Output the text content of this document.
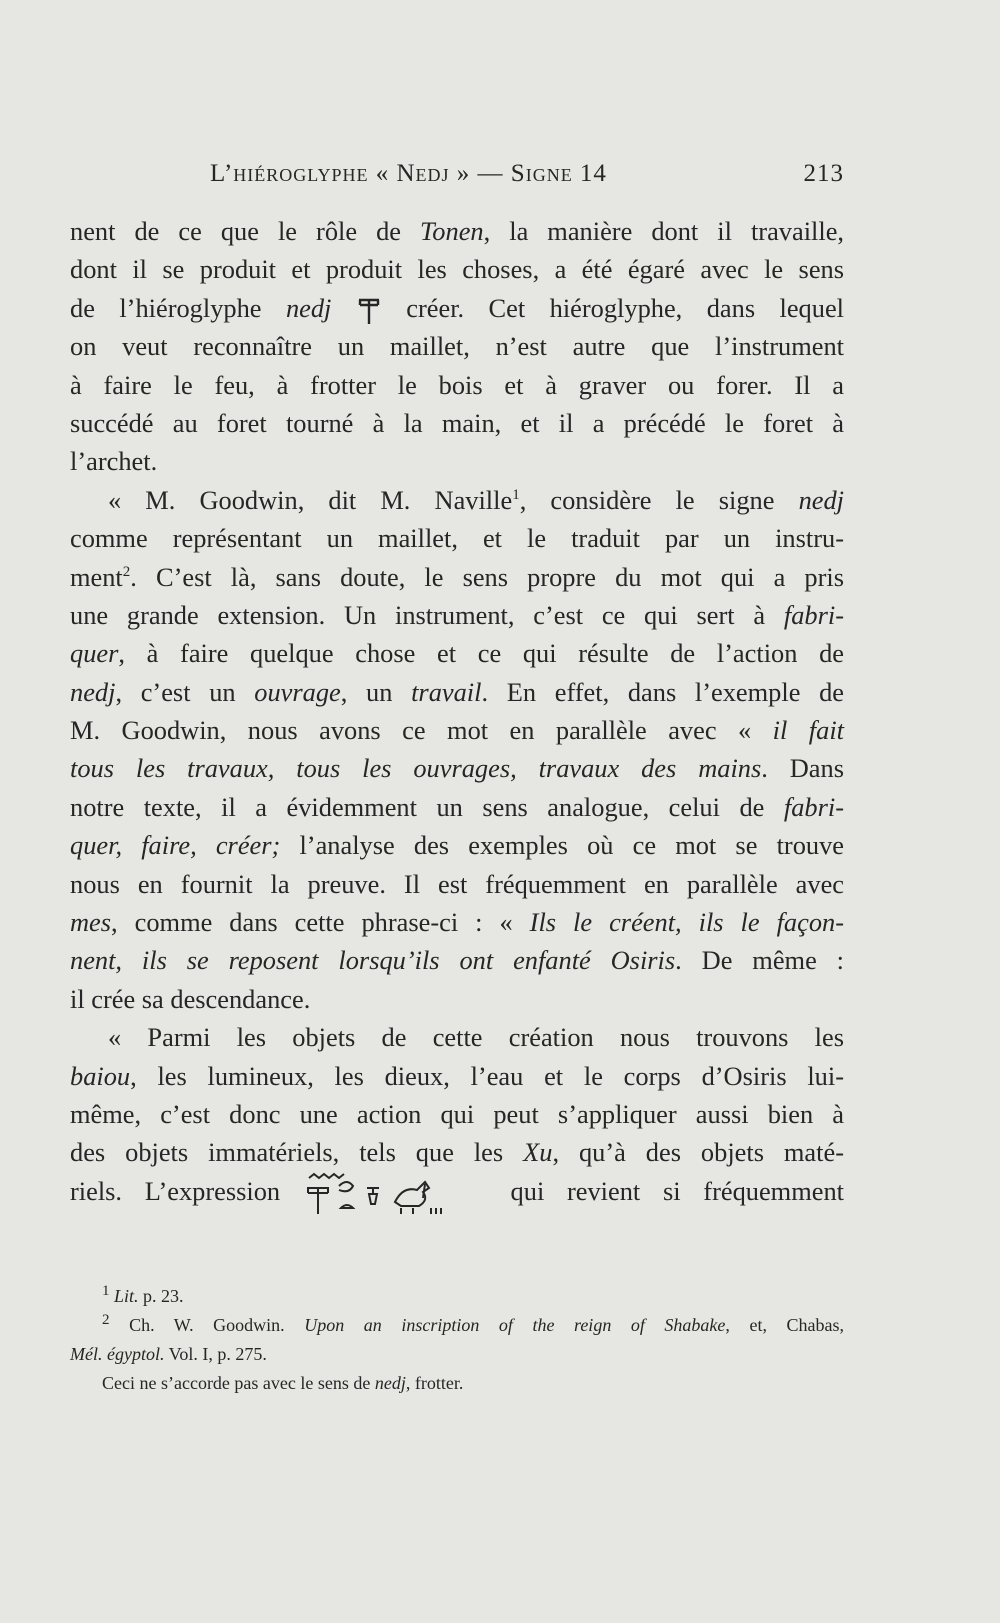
L’hiéroglyphe « Nedj » — Signe 14	213
nent de ce que le rôle de Tonen, la manière dont il travaille,
dont il se produit et produit les choses, a été égaré avec le sens
de l’hiéroglyphe nedj  créer. Cet hiéroglyphe, dans lequel
on veut reconnaître un maillet, n’est autre que l’instrument
à faire le feu, à frotter le bois et à graver ou forer. Il a
succédé au foret tourné à la main, et il a précédé le foret à
l’archet.
« M. Goodwin, dit M. Naville$^1$, considère le signe nedj
comme représentant un maillet, et le traduit par un instru-
ment$^2$. C’est là, sans doute, le sens propre du mot qui a pris
une grande extension. Un instrument, c’est ce qui sert à fabri-
quer, à faire quelque chose et ce qui résulte de l’action de
nedj, c’est un ouvrage, un travail. En effet, dans l’exemple de
M. Goodwin, nous avons ce mot en parallèle avec « il fait
tous les travaux, tous les ouvrages, travaux des mains. Dans
notre texte, il a évidemment un sens analogue, celui de fabri-
quer, faire, créer; l’analyse des exemples où ce mot se trouve
nous en fournit la preuve. Il est fréquemment en parallèle avec
mes, comme dans cette phrase-ci : « Ils le créent, ils le façon-
nent, ils se reposent lorsqu’ils ont enfanté Osiris. De même :
il crée sa descendance.
« Parmi les objets de cette création nous trouvons les
baiou, les lumineux, les dieux, l’eau et le corps d’Osiris lui-
même, c’est donc une action qui peut s’appliquer aussi bien à
des objets immatériels, tels que les Xu, qu’à des objets maté-
riels. L’expression	qui revient si fréquemment
$^1$ Lit. p. 23.
$^2$ Ch. W. Goodwin. Upon an inscription of the reign of Shabake, et, Chabas,
Mél. égyptol. Vol. I, p. 275.
Ceci ne s’accorde pas avec le sens de nedj, frotter.
